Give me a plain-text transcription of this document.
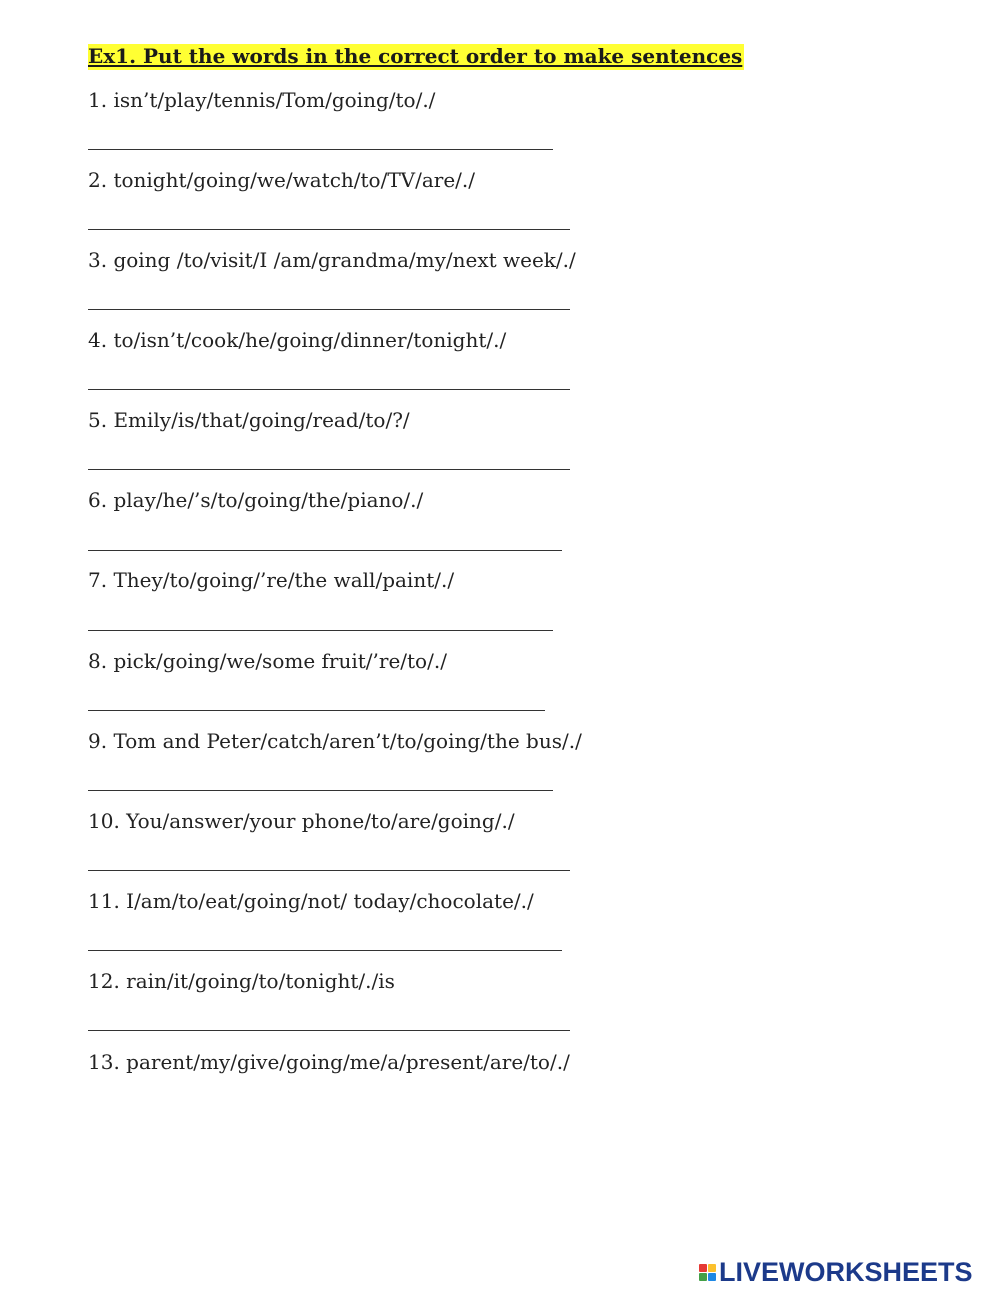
Ex1. Put the words in the correct order to make sentences
1. isn’t/play/tennis/Tom/going/to/./
2. tonight/going/we/watch/to/TV/are/./
3. going /to/visit/I /am/grandma/my/next week/./
4. to/isn’t/cook/he/going/dinner/tonight/./
5. Emily/is/that/going/read/to/?/
6. play/he/’s/to/going/the/piano/./
7. They/to/going/’re/the wall/paint/./
8. pick/going/we/some fruit/’re/to/./
9. Tom and Peter/catch/aren’t/to/going/the bus/./
10. You/answer/your phone/to/are/going/./
11. I/am/to/eat/going/not/ today/chocolate/./
12. rain/it/going/to/tonight/./is
13. parent/my/give/going/me/a/present/are/to/./
LIVEWORKSHEETS
